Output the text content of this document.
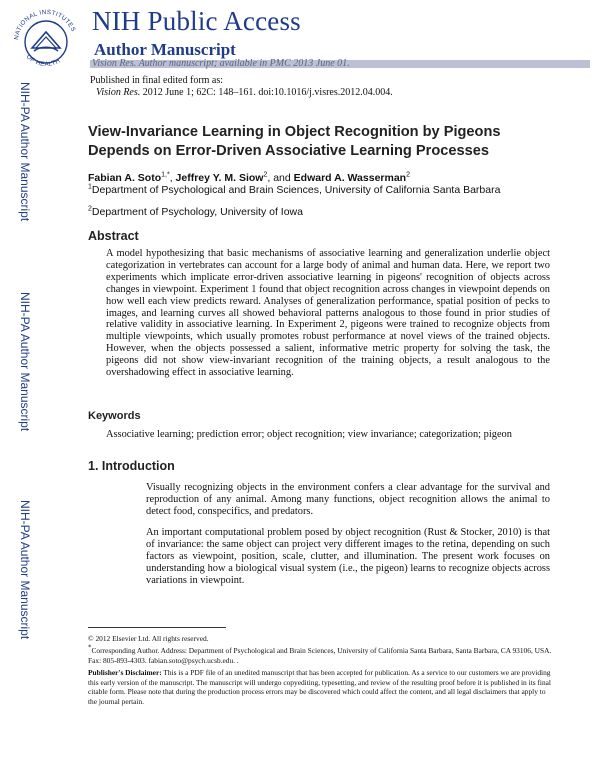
NATIONAL INSTITUTES
OF HEALTH
NIH Public Access
Author Manuscript
Vision Res. Author manuscript; available in PMC 2013 June 01.
Published in final edited form as:
Vision Res. 2012 June 1; 62C: 148–161. doi:10.1016/j.visres.2012.04.004.
NIH-PA Author Manuscript
NIH-PA Author Manuscript
NIH-PA Author Manuscript
View-Invariance Learning in Object Recognition by Pigeons Depends on Error-Driven Associative Learning Processes
Fabian A. Soto$^{1,*}$, Jeffrey Y. M. Siow$^2$, and Edward A. Wasserman$^2$
$^1$Department of Psychological and Brain Sciences, University of California Santa Barbara
$^2$Department of Psychology, University of Iowa
Abstract
A model hypothesizing that basic mechanisms of associative learning and generalization underlie object categorization in vertebrates can account for a large body of animal and human data. Here, we report two experiments which implicate error-driven associative learning in pigeons' recognition of objects across changes in viewpoint. Experiment 1 found that object recognition across changes in viewpoint depends on how well each view predicts reward. Analyses of generalization performance, spatial position of pecks to images, and learning curves all showed behavioral patterns analogous to those found in prior studies of relative validity in associative learning. In Experiment 2, pigeons were trained to recognize objects from multiple viewpoints, which usually promotes robust performance at novel views of the trained objects. However, when the objects possessed a salient, informative metric property for solving the task, the pigeons did not show view-invariant recognition of the training objects, a result analogous to the overshadowing effect in associative learning.
Keywords
Associative learning; prediction error; object recognition; view invariance; categorization; pigeon
1. Introduction
Visually recognizing objects in the environment confers a clear advantage for the survival and reproduction of any animal. Among many functions, object recognition allows the animal to detect food, conspecifics, and predators.
An important computational problem posed by object recognition (Rust & Stocker, 2010) is that of invariance: the same object can project very different images to the retina, depending on such factors as viewpoint, position, scale, clutter, and illumination. The present work focuses on understanding how a biological visual system (i.e., the pigeon) learns to recognize objects across variations in viewpoint.
© 2012 Elsevier Ltd. All rights reserved.
*Corresponding Author. Address: Department of Psychological and Brain Sciences, University of California Santa Barbara, Santa Barbara, CA 93106, USA. Fax: 805-893-4303. fabian.soto@psych.ucsb.edu. .
Publisher's Disclaimer: This is a PDF file of an unedited manuscript that has been accepted for publication. As a service to our customers we are providing this early version of the manuscript. The manuscript will undergo copyediting, typesetting, and review of the resulting proof before it is published in its final citable form. Please note that during the production process errors may be discovered which could affect the content, and all legal disclaimers that apply to the journal pertain.
